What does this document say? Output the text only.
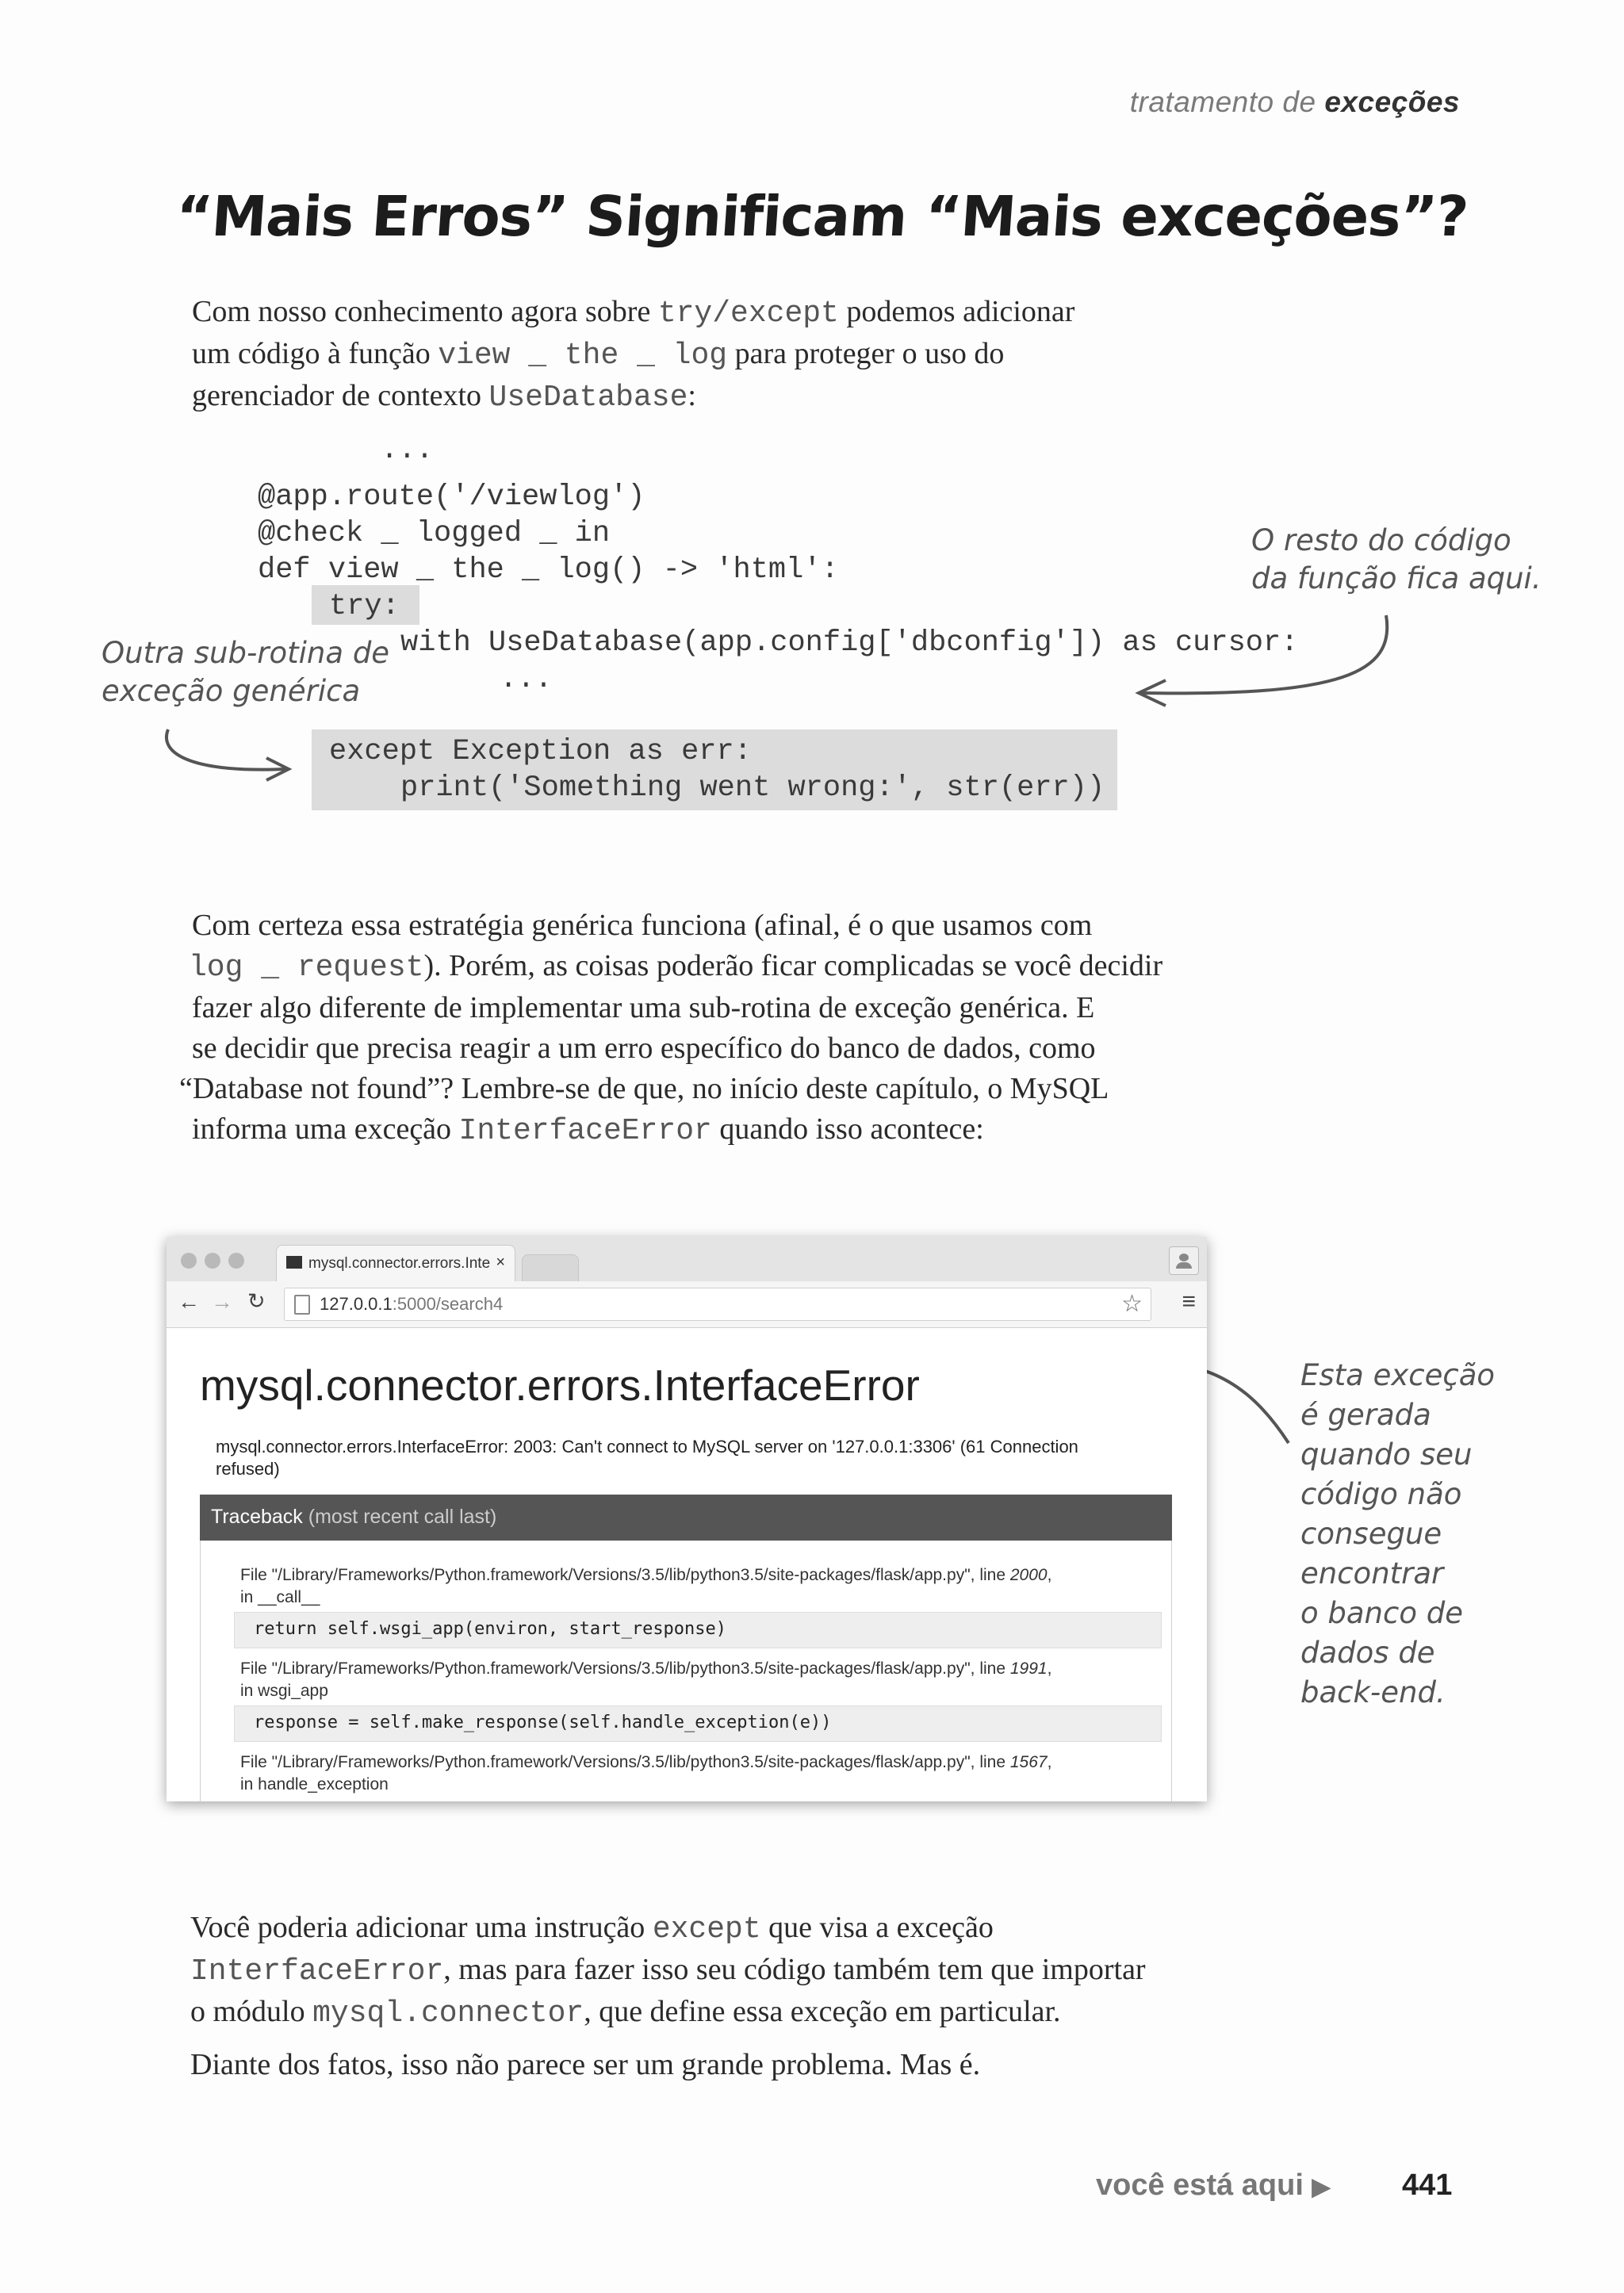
tratamento de exceções
“Mais Erros” Significam “Mais exceções”?
Com nosso conhecimento agora sobre try/except podemos adicionar
um código à função view _ the _ log para proteger o uso do
gerenciador de contexto UseDatabase:
...
@app.route('/viewlog')
@check _ logged _ in
def view _ the _ log() -> 'html':
try:
with UseDatabase(app.config['dbconfig']) as cursor:
...
except Exception as err:
print('Something went wrong:', str(err))
O resto do código
da função fica aqui.
Outra sub-rotina de
exceção genérica
Esta exceção
é gerada
quando seu
código não
consegue
encontrar
o banco de
dados de
back-end.
Com certeza essa estratégia genérica funciona (afinal, é o que usamos com
log _ request). Porém, as coisas poderão ficar complicadas se você decidir
fazer algo diferente de implementar uma sub-rotina de exceção genérica. E
se decidir que precisa reagir a um erro específico do banco de dados, como
“Database not found”? Lembre-se de que, no início deste capítulo, o MySQL
informa uma exceção InterfaceError quando isso acontece:
mysql.connector.errors.Inte ×
← → ↻	127.0.0.1:5000/search4	☆ ≡
mysql.connector.errors.InterfaceError
mysql.connector.errors.InterfaceError: 2003: Can't connect to MySQL server on '127.0.0.1:3306' (61 Connection refused)
Traceback (most recent call last)
File "/Library/Frameworks/Python.framework/Versions/3.5/lib/python3.5/site-packages/flask/app.py", line 2000,
in __call__
return self.wsgi_app(environ, start_response)
File "/Library/Frameworks/Python.framework/Versions/3.5/lib/python3.5/site-packages/flask/app.py", line 1991,
in wsgi_app
response = self.make_response(self.handle_exception(e))
File "/Library/Frameworks/Python.framework/Versions/3.5/lib/python3.5/site-packages/flask/app.py", line 1567,
in handle_exception
Você poderia adicionar uma instrução except que visa a exceção
InterfaceError, mas para fazer isso seu código também tem que importar
o módulo mysql.connector, que define essa exceção em particular.
Diante dos fatos, isso não parece ser um grande problema. Mas é.
você está aqui ▶ 441
